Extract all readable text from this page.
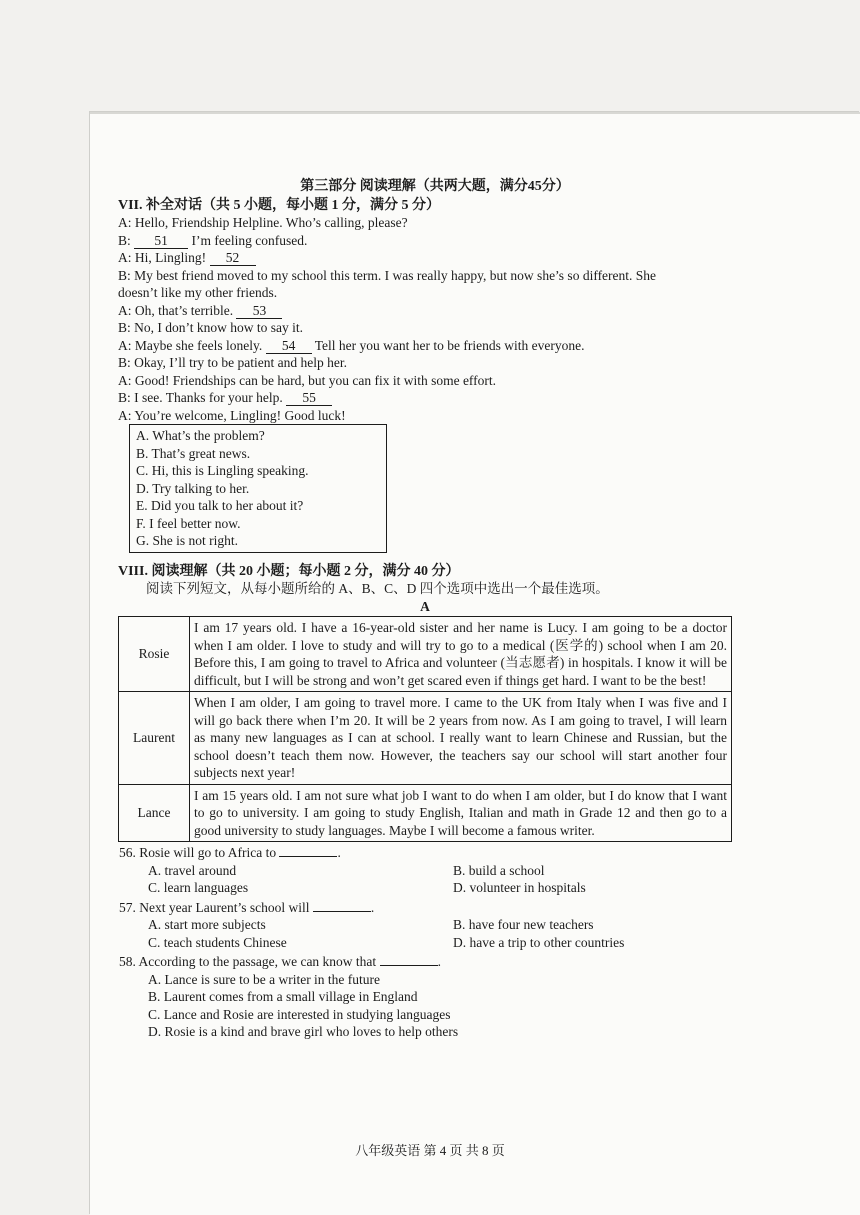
第三部分 阅读理解（共两大题，满分45分）
VII. 补全对话（共 5 小题，每小题 1 分，满分 5 分）
A: Hello, Friendship Helpline. Who’s calling, please?
B: 51 I’m feeling confused.
A: Hi, Lingling! 52
B: My best friend moved to my school this term. I was really happy, but now she’s so different. She
doesn’t like my other friends.
A: Oh, that’s terrible. 53
B: No, I don’t know how to say it.
A: Maybe she feels lonely. 54 Tell her you want her to be friends with everyone.
B: Okay, I’ll try to be patient and help her.
A: Good! Friendships can be hard, but you can fix it with some effort.
B: I see. Thanks for your help. 55
A: You’re welcome, Lingling! Good luck!
A. What’s the problem?
B. That’s great news.
C. Hi, this is Lingling speaking.
D. Try talking to her.
E. Did you talk to her about it?
F. I feel better now.
G. She is not right.
VIII. 阅读理解（共 20 小题；每小题 2 分，满分 40 分）
阅读下列短文，从每小题所给的 A、B、C、D 四个选项中选出一个最佳选项。
A
Rosie	I am 17 years old. I have a 16-year-old sister and her name is Lucy. I am going to be a doctor when I am older. I love to study and will try to go to a medical (医学的) school when I am 20. Before this, I am going to travel to Africa and volunteer (当志愿者) in hospitals. I know it will be difficult, but I will be strong and won’t get scared even if things get hard. I want to be the best!
Laurent	When I am older, I am going to travel more. I came to the UK from Italy when I was five and I will go back there when I’m 20. It will be 2 years from now. As I am going to travel, I will learn as many new languages as I can at school. I really want to learn Chinese and Russian, but the school doesn’t teach them now. However, the teachers say our school will start another four subjects next year!
Lance	I am 15 years old. I am not sure what job I want to do when I am older, but I do know that I want to go to university. I am going to study English, Italian and math in Grade 12 and then go to a good university to study languages. Maybe I will become a famous writer.
56. Rosie will go to Africa to	.
A. travel around	B. build a school
C. learn languages	D. volunteer in hospitals
57. Next year Laurent’s school will	.
A. start more subjects	B. have four new teachers
C. teach students Chinese	D. have a trip to other countries
58. According to the passage, we can know that	.
A. Lance is sure to be a writer in the future
B. Laurent comes from a small village in England
C. Lance and Rosie are interested in studying languages
D. Rosie is a kind and brave girl who loves to help others
八年级英语 第 4 页 共 8 页
